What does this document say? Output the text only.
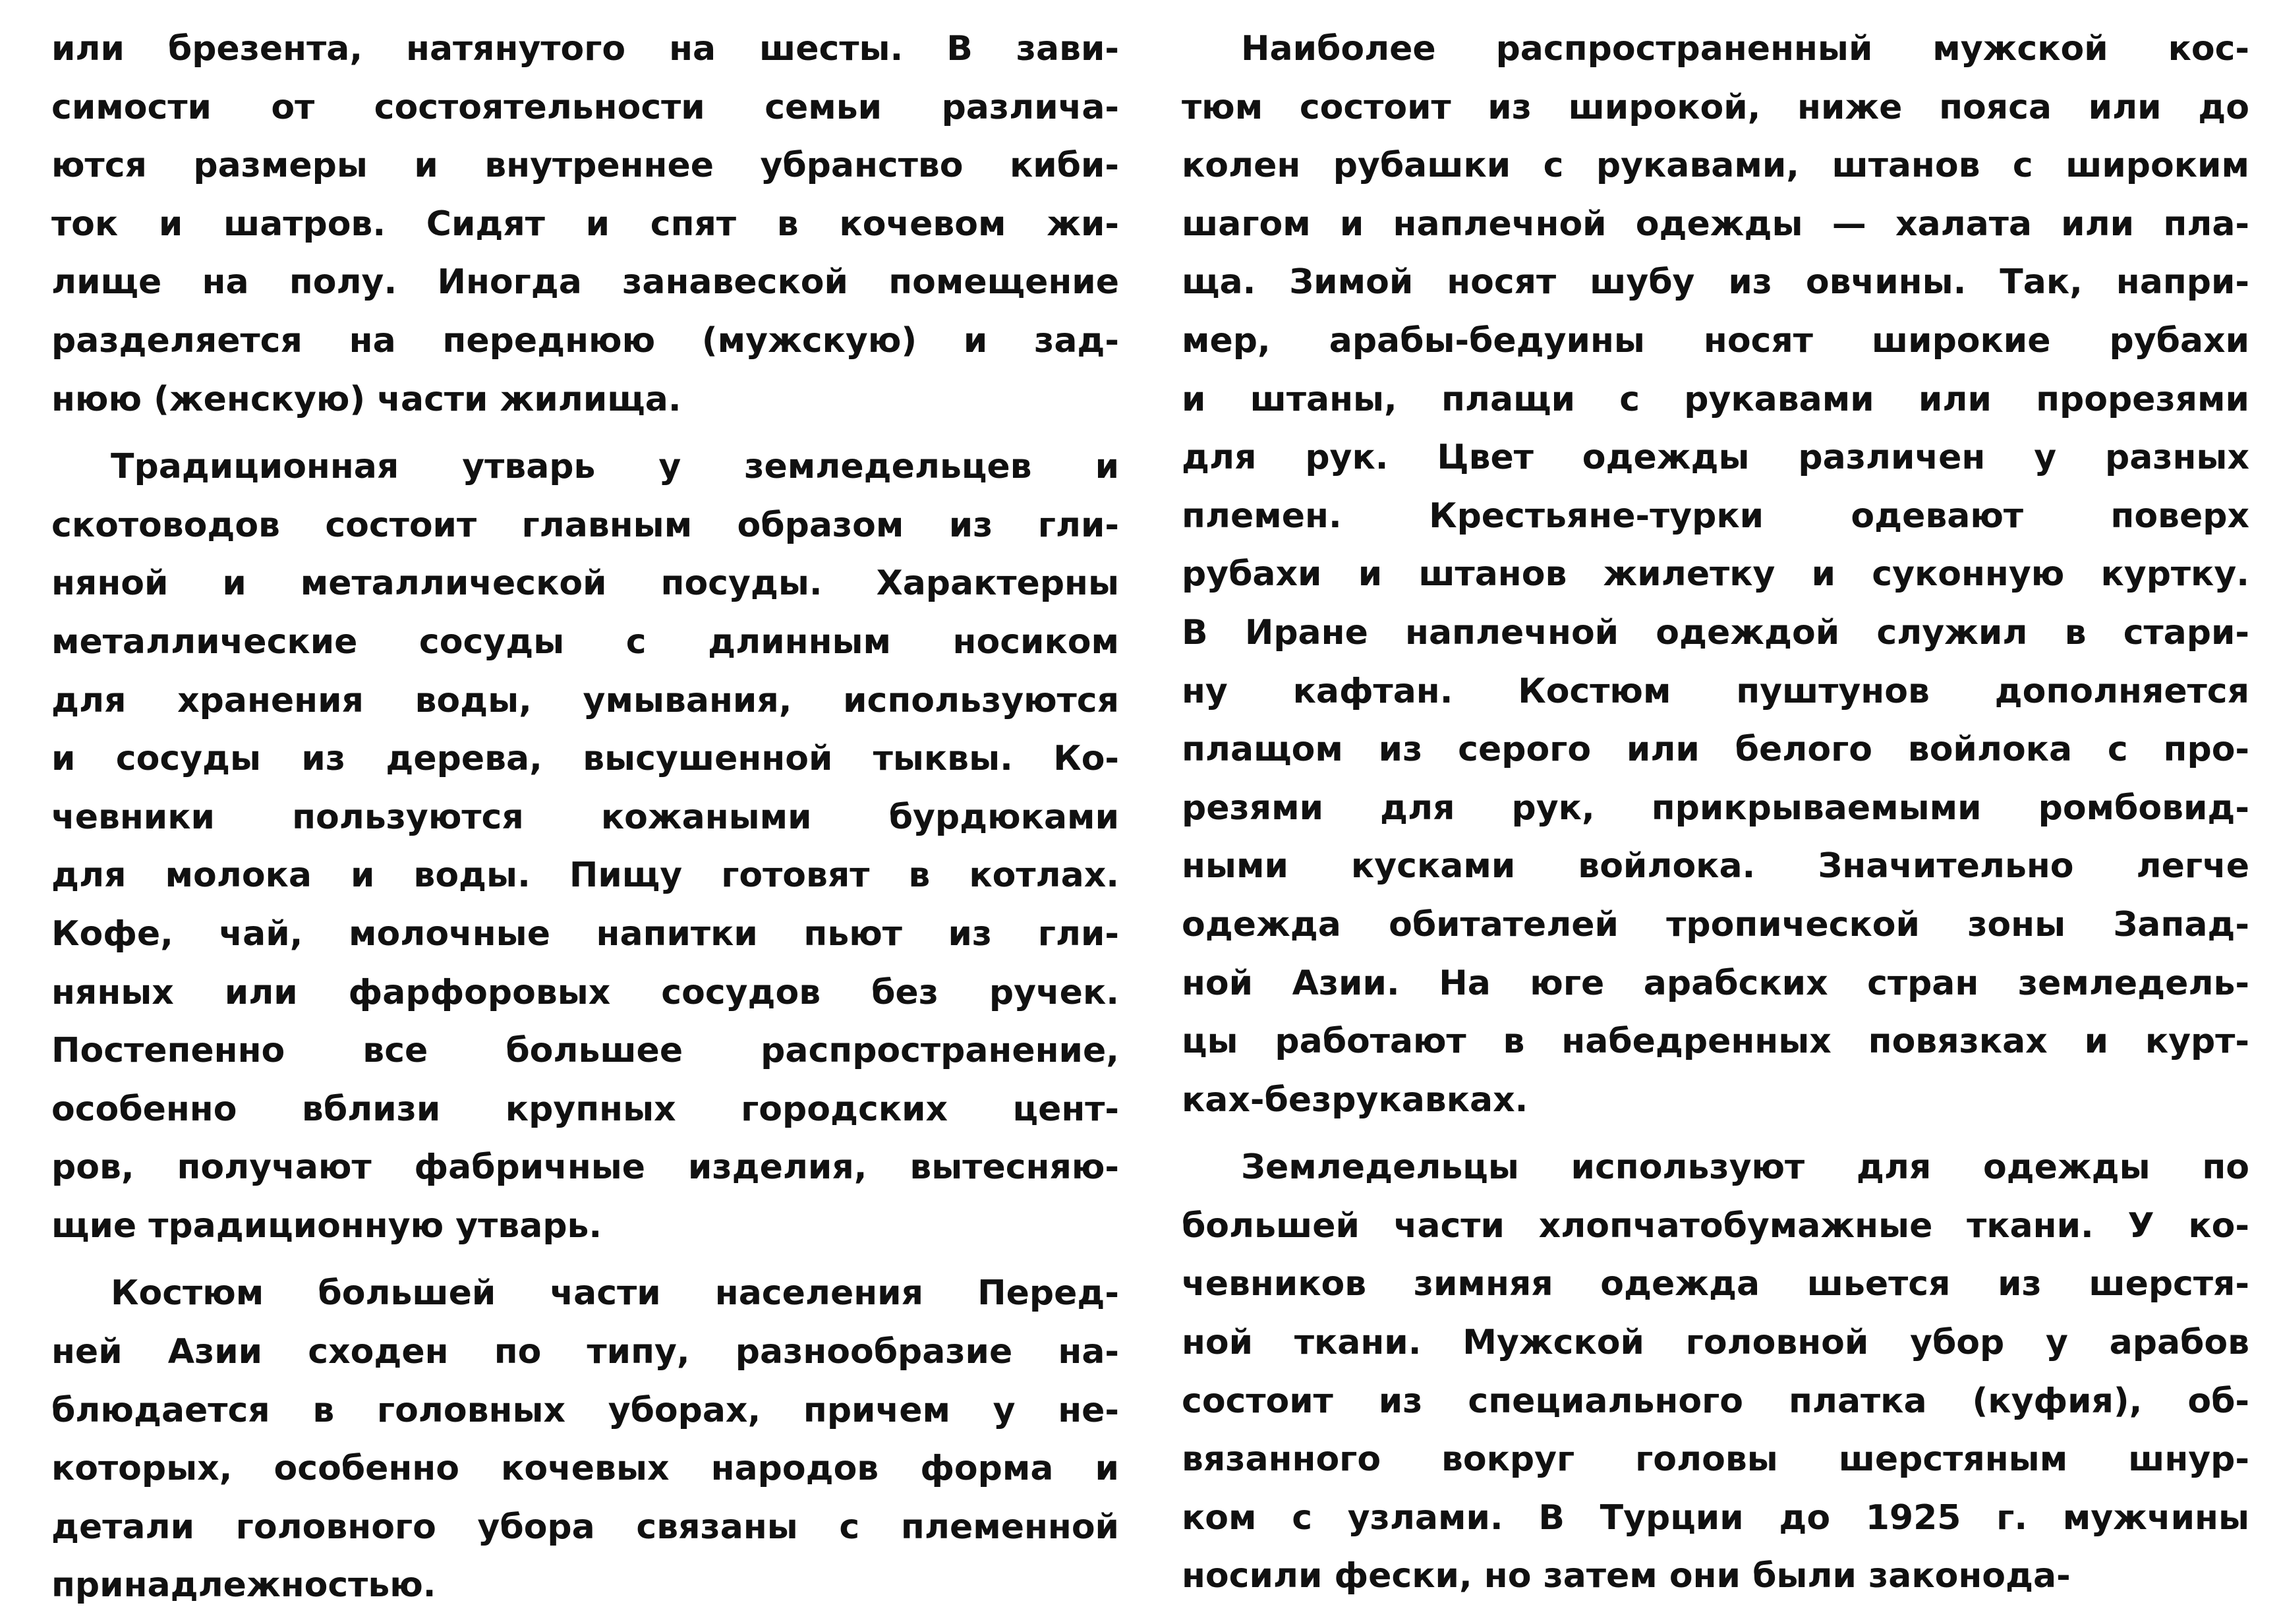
или брезента, натянутого на шесты. В зави-
симости от состоятельности семьи различа-
ются размеры и внутреннее убранство киби-
ток и шатров. Сидят и спят в кочевом жи-
лище на полу. Иногда занавеской помещение
разделяется на переднюю (мужскую) и зад-
нюю (женскую) части жилища.
Традиционная утварь у земледельцев и
скотоводов состоит главным образом из гли-
няной и металлической посуды. Характерны
металлические сосуды с длинным носиком
для хранения воды, умывания, используются
и сосуды из дерева, высушенной тыквы. Ко-
чевники пользуются кожаными бурдюками
для молока и воды. Пищу готовят в котлах.
Кофе, чай, молочные напитки пьют из гли-
няных или фарфоровых сосудов без ручек.
Постепенно все большее распространение,
особенно вблизи крупных городских цент-
ров, получают фабричные изделия, вытесняю-
щие традиционную утварь.
Костюм большей части населения Перед-
ней Азии сходен по типу, разнообразие на-
блюдается в головных уборах, причем у не-
которых, особенно кочевых народов форма и
детали головного убора связаны с племенной
принадлежностью.
Наиболее распространенный мужской кос-
тюм состоит из широкой, ниже пояса или до
колен рубашки с рукавами, штанов с широким
шагом и наплечной одежды — халата или пла-
ща. Зимой носят шубу из овчины. Так, напри-
мер, арабы-бедуины носят широкие рубахи
и штаны, плащи с рукавами или прорезями
для рук. Цвет одежды различен у разных
племен. Крестьяне-турки одевают поверх
рубахи и штанов жилетку и суконную куртку.
В Иране наплечной одеждой служил в стари-
ну кафтан. Костюм пуштунов дополняется
плащом из серого или белого войлока с про-
резями для рук, прикрываемыми ромбовид-
ными кусками войлока. Значительно легче
одежда обитателей тропической зоны Запад-
ной Азии. На юге арабских стран земледель-
цы работают в набедренных повязках и курт-
ках-безрукавках.
Земледельцы используют для одежды по
большей части хлопчатобумажные ткани. У ко-
чевников зимняя одежда шьется из шерстя-
ной ткани. Мужской головной убор у арабов
состоит из специального платка (куфия), об-
вязанного вокруг головы шерстяным шнур-
ком с узлами. В Турции до 1925 г. мужчины
носили фески, но затем они были законода-
